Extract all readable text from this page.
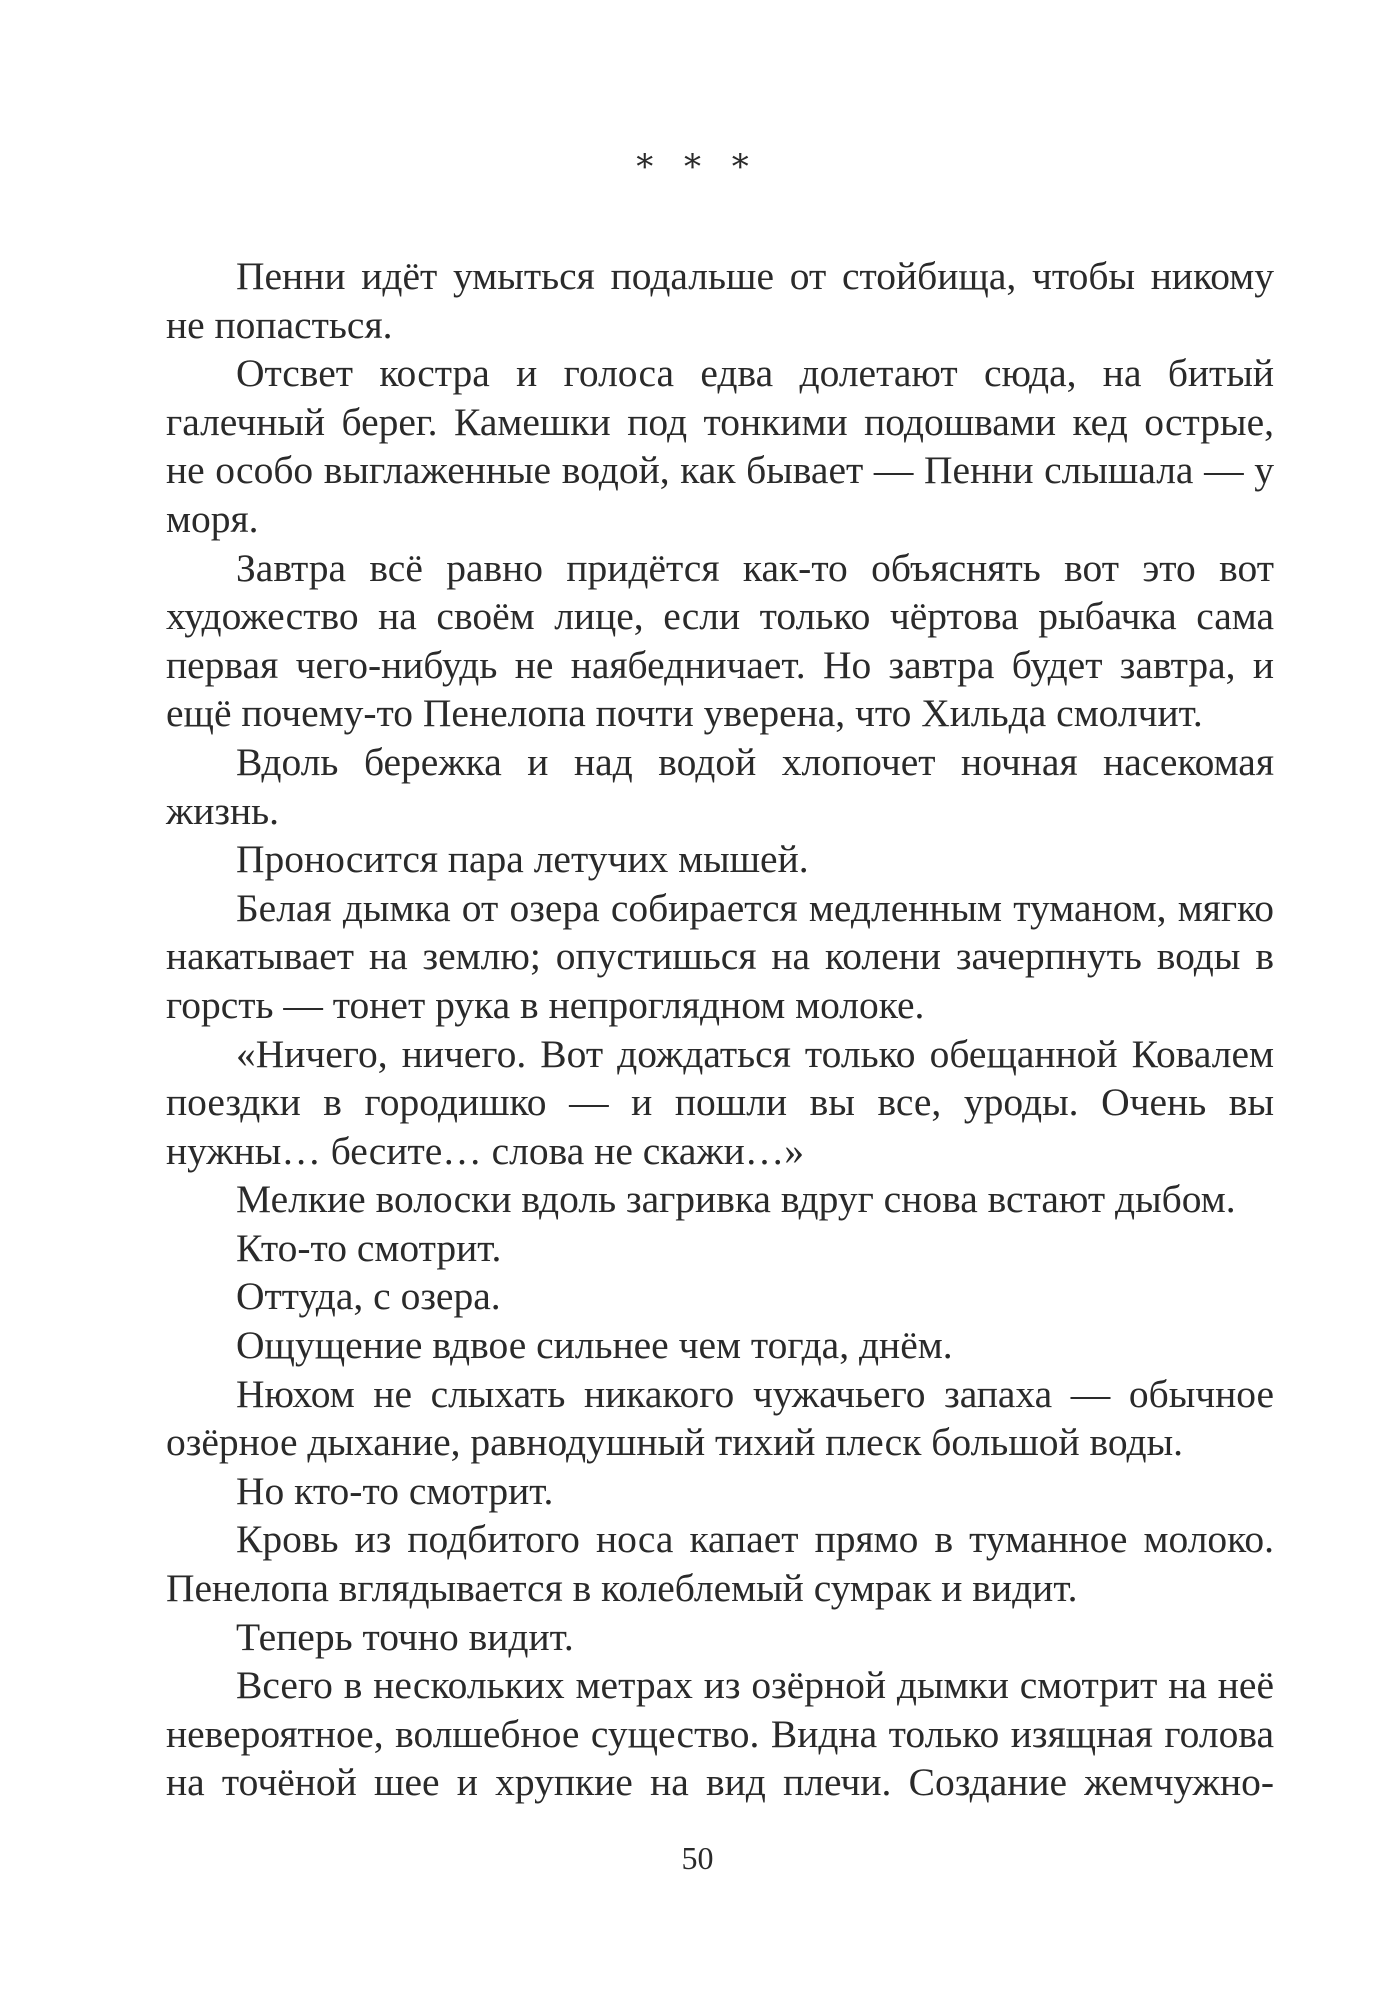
* * *

Пенни идёт умыться подальше от стойбища, чтобы никому не попасться.

Отсвет костра и голоса едва долетают сюда, на битый галечный берег. Камешки под тонкими подошвами кед острые, не особо выглаженные водой, как бывает — Пенни слышала — у моря.

Завтра всё равно придётся как-то объяснять вот это вот художество на своём лице, если только чёртова рыбачка сама первая чего-нибудь не наябедничает. Но завтра будет завтра, и ещё почему-то Пенелопа почти уверена, что Хильда смолчит.

Вдоль бережка и над водой хлопочет ночная насекомая жизнь.

Проносится пара летучих мышей.

Белая дымка от озера собирается медленным туманом, мягко накатывает на землю; опустишься на колени зачерпнуть воды в горсть — тонет рука в непроглядном молоке.

«Ничего, ничего. Вот дождаться только обещанной Ковалем поездки в городишко — и пошли вы все, уроды. Очень вы нужны… бесите… слова не скажи…»

Мелкие волоски вдоль загривка вдруг снова встают дыбом.

Кто-то смотрит.

Оттуда, с озера.

Ощущение вдвое сильнее чем тогда, днём.

Нюхом не слыхать никакого чужачьего запаха — обычное озёрное дыхание, равнодушный тихий плеск большой воды.

Но кто-то смотрит.

Кровь из подбитого носа капает прямо в туманное молоко. Пенелопа вглядывается в колеблемый сумрак и видит.

Теперь точно видит.

Всего в нескольких метрах из озёрной дымки смотрит на неё невероятное, волшебное существо. Видна только изящная голова на точёной шее и хрупкие на вид плечи. Создание жемчужно-

50
